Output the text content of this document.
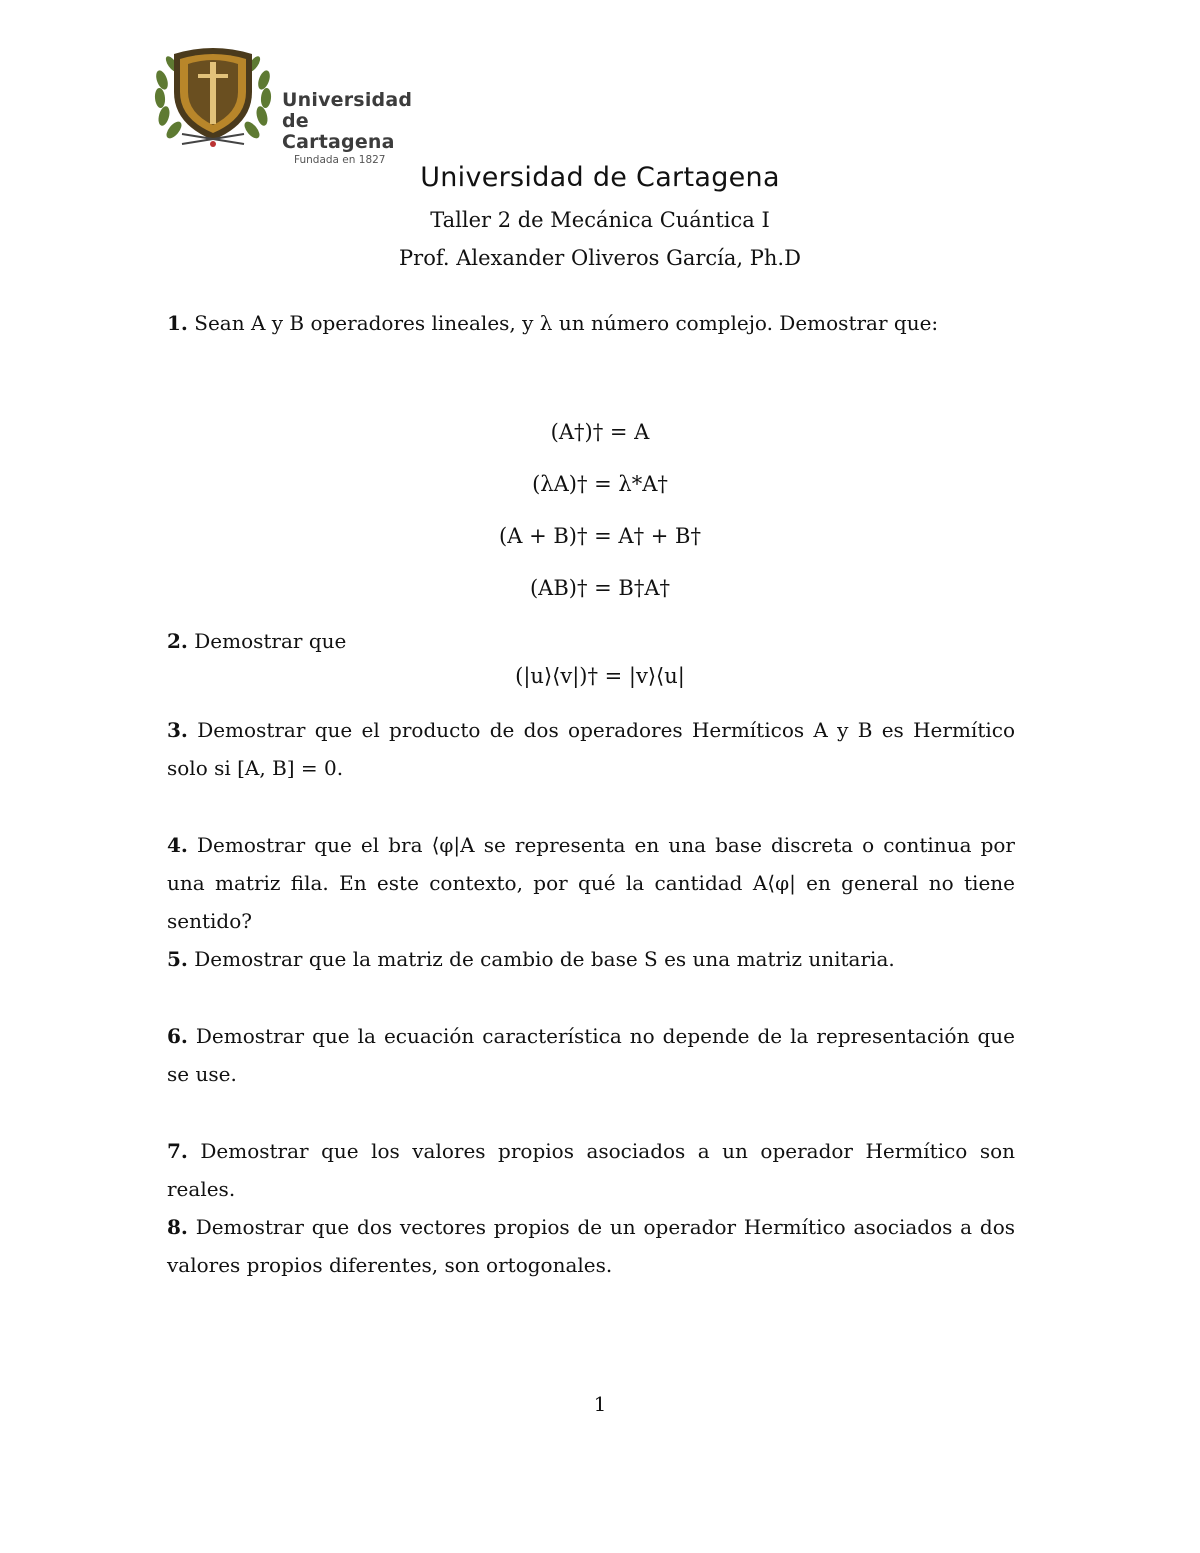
Universidad
de Cartagena
Fundada en 1827
Universidad de Cartagena
Taller 2 de Mecánica Cuántica I
Prof. Alexander Oliveros García, Ph.D
1. Sean A y B operadores lineales, y λ un número complejo. Demostrar que:
(A†)† = A
(λA)† = λ*A†
(A + B)† = A† + B†
(AB)† = B†A†
2. Demostrar que
(|u⟩⟨v|)† = |v⟩⟨u|
3. Demostrar que el producto de dos operadores Hermíticos A y B es Hermítico solo si [A, B] = 0.
4. Demostrar que el bra ⟨φ|A se representa en una base discreta o continua por una matriz fila. En este contexto, por qué la cantidad A⟨φ| en general no tiene sentido?
5. Demostrar que la matriz de cambio de base S es una matriz unitaria.
6. Demostrar que la ecuación característica no depende de la representación que se use.
7. Demostrar que los valores propios asociados a un operador Hermítico son reales.
8. Demostrar que dos vectores propios de un operador Hermítico asociados a dos valores propios diferentes, son ortogonales.
1
